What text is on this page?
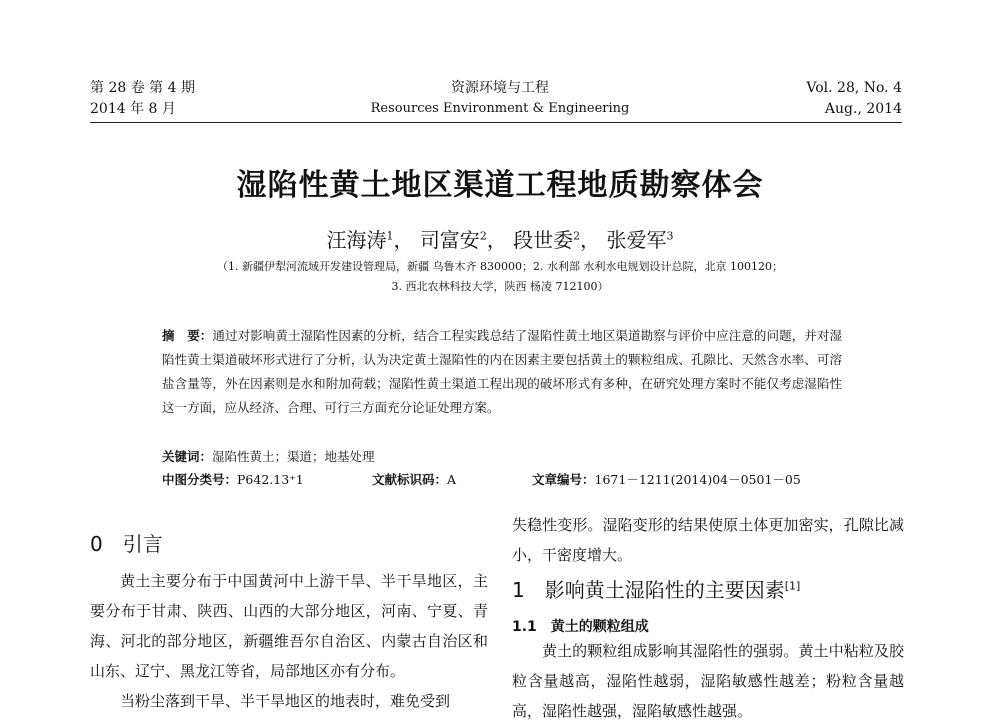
第 28 卷 第 4 期
2014 年 8 月
资源环境与工程
Resources Environment & Engineering
Vol. 28, No. 4
Aug., 2014
湿陷性黄土地区渠道工程地质勘察体会
汪海涛$^1$， 司富安$^2$， 段世委$^2$， 张爱军$^3$
（1. 新疆伊犁河流域开发建设管理局，新疆 乌鲁木齐 830000；2. 水利部 水利水电规划设计总院，北京 100120；
3. 西北农林科技大学，陕西 杨凌 712100）
摘　要：通过对影响黄土湿陷性因素的分析，结合工程实践总结了湿陷性黄土地区渠道勘察与评价中应注意的问题，并对湿陷性黄土渠道破坏形式进行了分析，认为决定黄土湿陷性的内在因素主要包括黄土的颗粒组成、孔隙比、天然含水率、可溶盐含量等，外在因素则是水和附加荷载；湿陷性黄土渠道工程出现的破坏形式有多种，在研究处理方案时不能仅考虑湿陷性这一方面，应从经济、合理、可行三方面充分论证处理方案。
关键词：湿陷性黄土；渠道；地基处理
中图分类号：P642.13⁺1	文献标识码：A	文章编号：1671－1211(2014)04－0501－05
0　引言
黄土主要分布于中国黄河中上游干旱、半干旱地区，主要分布于甘肃、陕西、山西的大部分地区，河南、宁夏、青海、河北的部分地区，新疆维吾尔自治区、内蒙古自治区和山东、辽宁、黑龙江等省，局部地区亦有分布。
当粉尘落到干旱、半干旱地区的地表时，难免受到
失稳性变形。湿陷变形的结果使原土体更加密实，孔隙比减小，干密度增大。
1　影响黄土湿陷性的主要因素[1]
1.1　黄土的颗粒组成
黄土的颗粒组成影响其湿陷性的强弱。黄土中粘粒及胶粒含量越高，湿陷性越弱，湿陷敏感性越差；粉粒含量越高，湿陷性越强，湿陷敏感性越强。
